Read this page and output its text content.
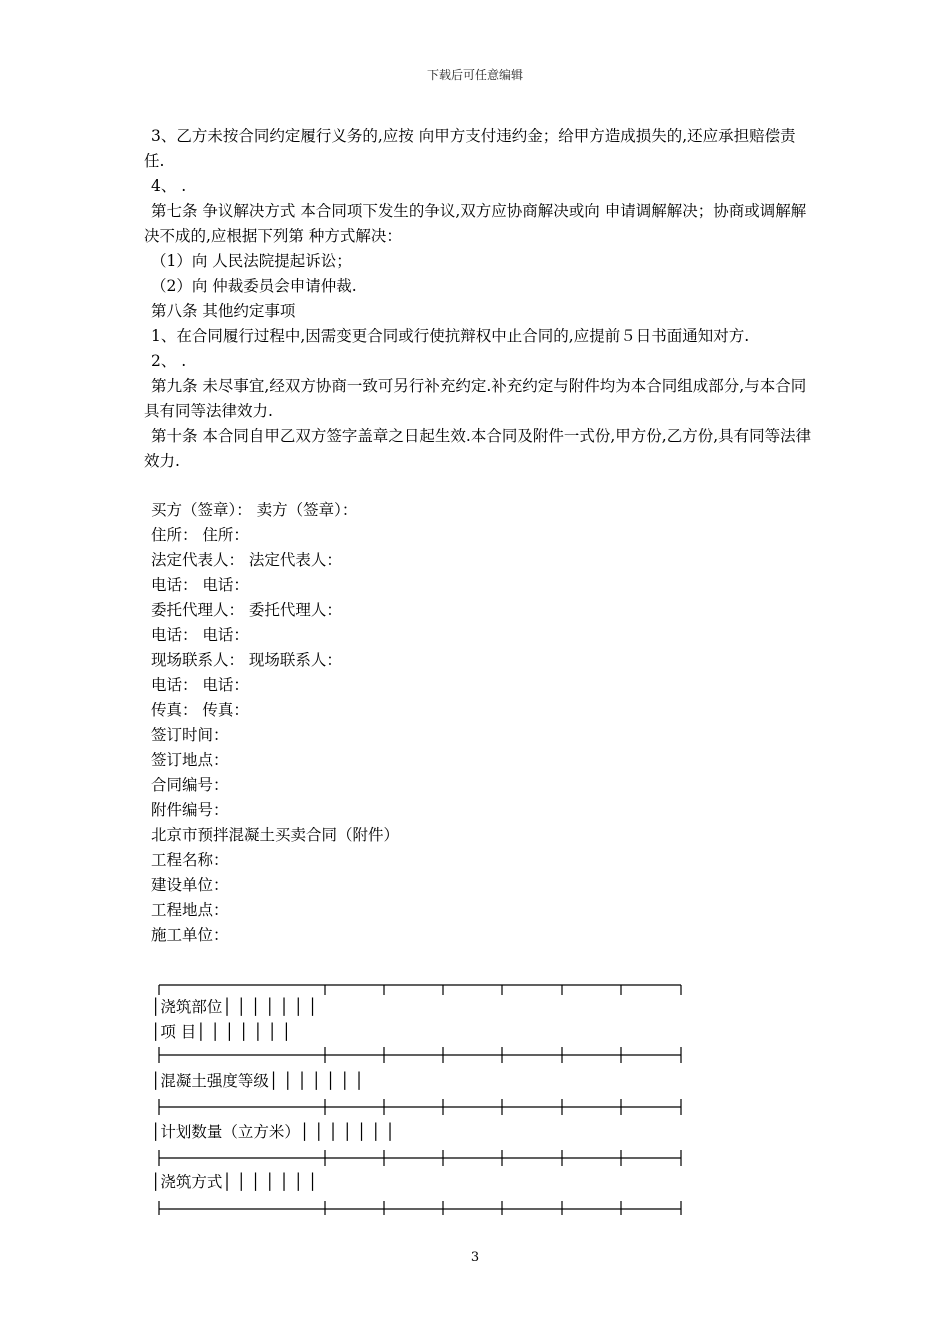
下载后可任意编辑

3、乙方未按合同约定履行义务的,应按 向甲方支付违约金；给甲方造成损失的,还应承担赔偿责任.

4、 .

第七条 争议解决方式 本合同项下发生的争议,双方应协商解决或向 申请调解解决；协商或调解解决不成的,应根据下列第 种方式解决：

（1）向 人民法院提起诉讼；

（2）向 仲裁委员会申请仲裁.

第八条 其他约定事项

1、在合同履行过程中,因需变更合同或行使抗辩权中止合同的,应提前５日书面通知对方.

2、 .

第九条 未尽事宜,经双方协商一致可另行补充约定.补充约定与附件均为本合同组成部分,与本合同具有同等法律效力.

第十条 本合同自甲乙双方签字盖章之日起生效.本合同及附件一式份,甲方份,乙方份,具有同等法律效力.

买方（签章）： 卖方（签章）：
住所： 住所：
法定代表人： 法定代表人：
电话： 电话：
委托代理人： 委托代理人：
电话： 电话：
现场联系人： 现场联系人：
电话： 电话：
传真： 传真：
签订时间：
签订地点：
合同编号：
附件编号：
北京市预拌混凝土买卖合同（附件）
工程名称：
建设单位：
工程地点：
施工单位：

│浇筑部位│ │ │ │ │ │ │

│项 目│ │ │ │ │ │ │

│混凝土强度等级│ │ │ │ │ │ │

│计划数量（立方米）│ │ │ │ │ │ │

│浇筑方式│ │ │ │ │ │ │

3
